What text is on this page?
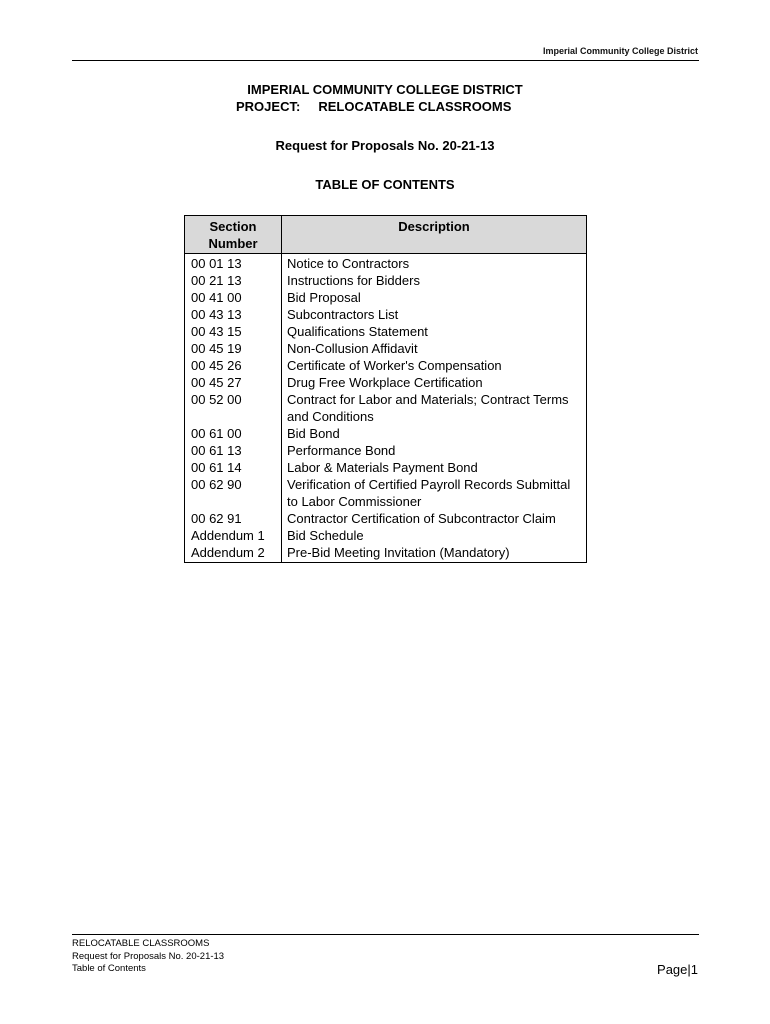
Imperial Community College District
IMPERIAL COMMUNITY COLLEGE DISTRICT
PROJECT:     RELOCATABLE CLASSROOMS
Request for Proposals No. 20-21-13
TABLE OF CONTENTS
Section Number	Description
00 01 13	Notice to Contractors
00 21 13	Instructions for Bidders
00 41 00	Bid Proposal
00 43 13	Subcontractors List
00 43 15	Qualifications Statement
00 45 19	Non-Collusion Affidavit
00 45 26	Certificate of Worker's Compensation
00 45 27	Drug Free Workplace Certification
00 52 00	Contract for Labor and Materials; Contract Terms and Conditions
00 61 00	Bid Bond
00 61 13	Performance Bond
00 61 14	Labor & Materials Payment Bond
00 62 90	Verification of Certified Payroll Records Submittal to Labor Commissioner
00 62 91	Contractor Certification of Subcontractor Claim
Addendum 1	Bid Schedule
Addendum 2	Pre-Bid Meeting Invitation (Mandatory)
RELOCATABLE CLASSROOMS
Request for Proposals No. 20-21-13
Table of Contents	Page|1
